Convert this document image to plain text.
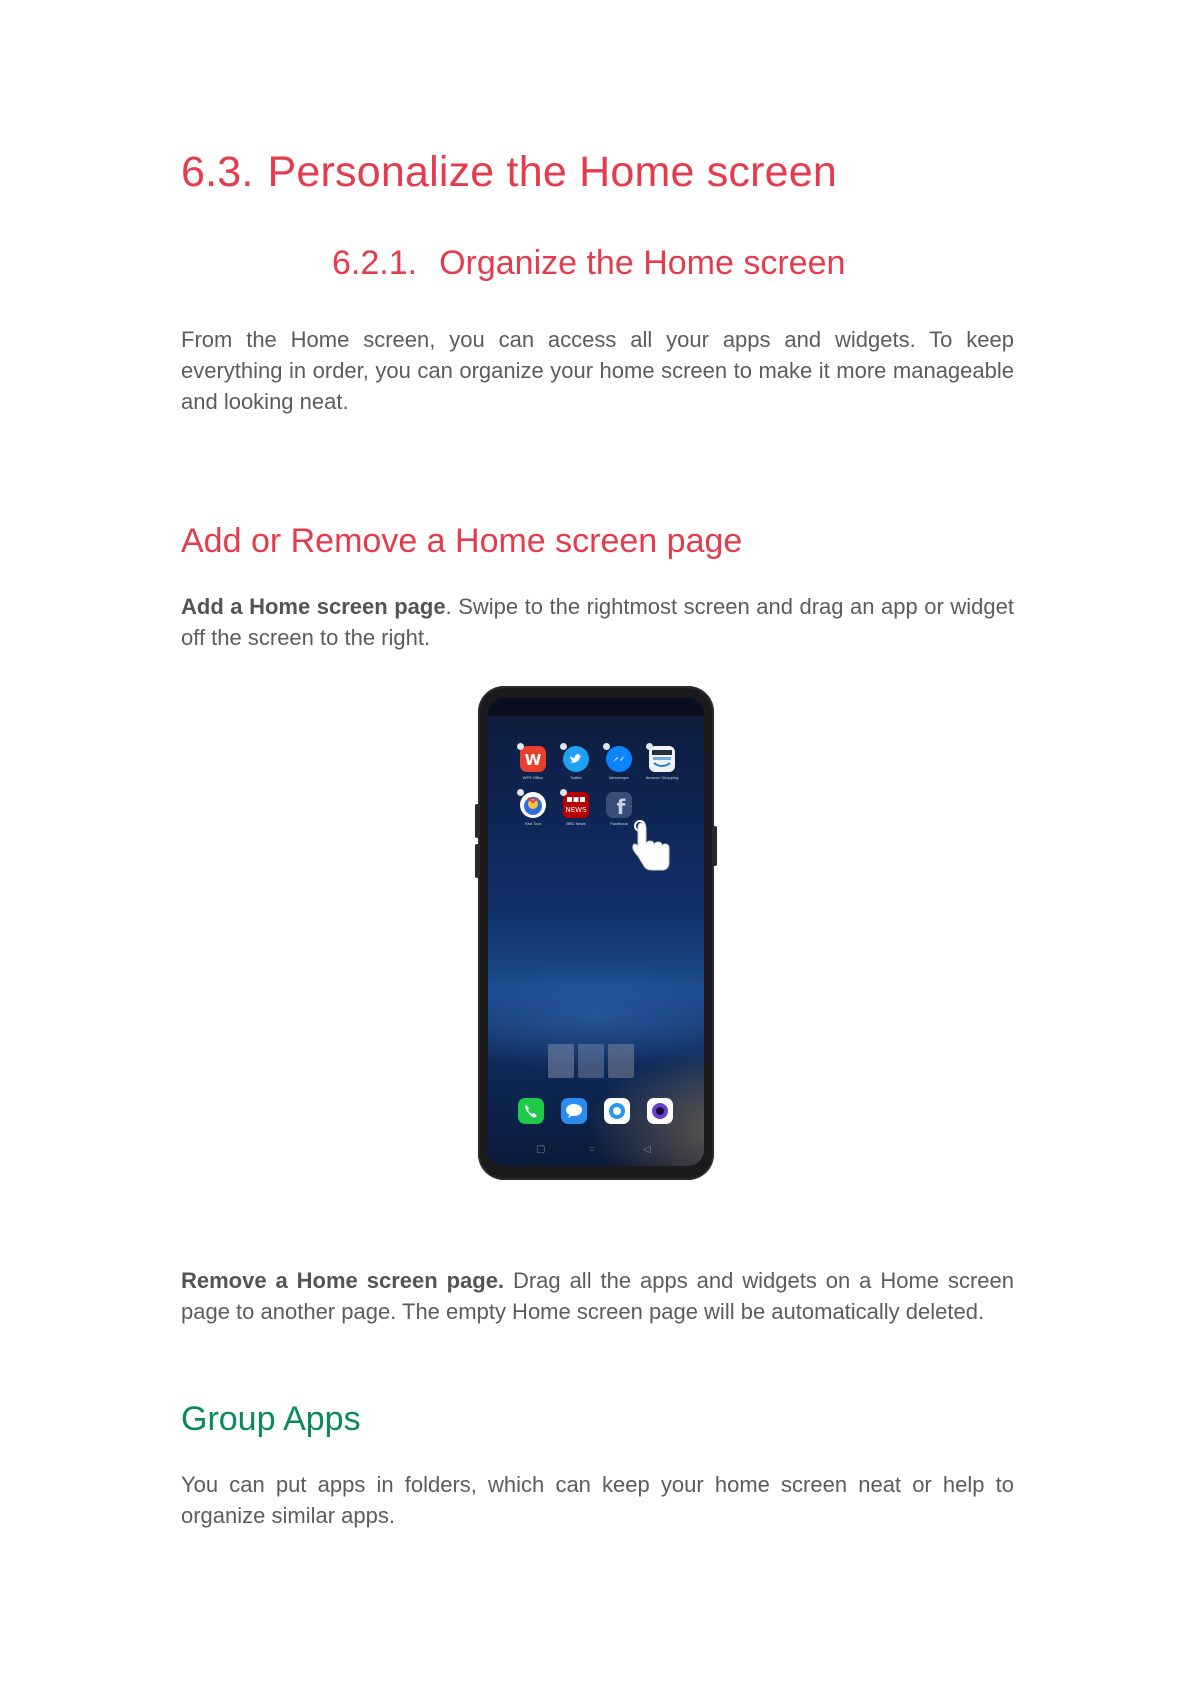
6.3. Personalize the Home screen
6.2.1. Organize the Home screen

From the Home screen, you can access all your apps and widgets. To keep everything in order, you can organize your home screen to make it more manageable and looking neat.

Add or Remove a Home screen page

Add a Home screen page. Swipe to the rightmost screen and drag an app or widget off the screen to the right.

W
WPS Office	Twitter	Messenger	Amazon Shopping
Kiwi Tour
NEWS
BBC News
f
Facebook
▢	○	◁

Remove a Home screen page. Drag all the apps and widgets on a Home screen page to another page. The empty Home screen page will be automatically deleted.

Group Apps

You can put apps in folders, which can keep your home screen neat or help to organize similar apps.
